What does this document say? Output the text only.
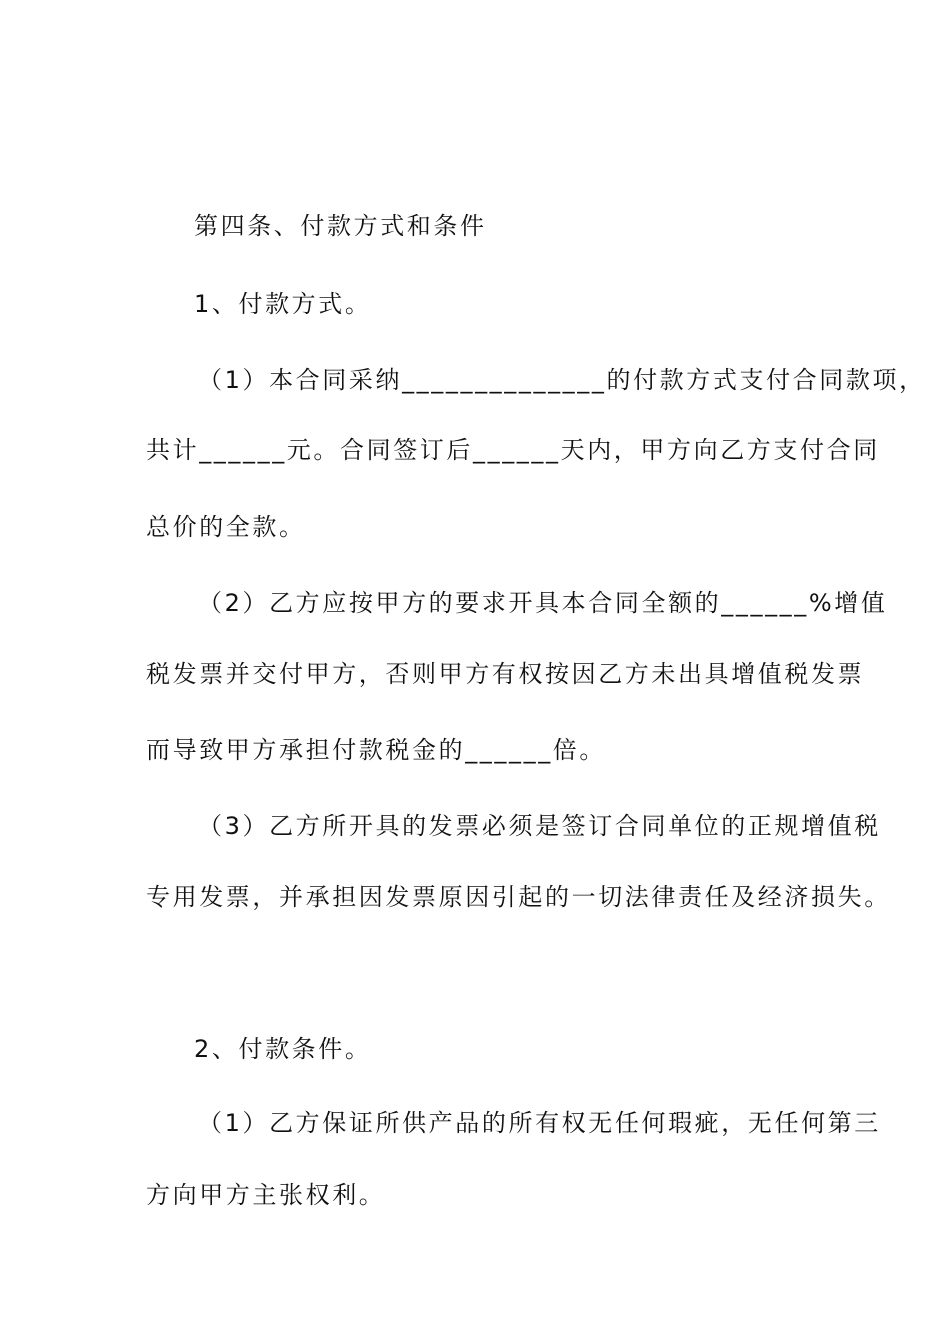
第四条、付款方式和条件
1、付款方式。
（1）本合同采纳______________的付款方式支付合同款项，
共计______元。合同签订后______天内，甲方向乙方支付合同
总价的全款。
（2）乙方应按甲方的要求开具本合同全额的______%增值
税发票并交付甲方，否则甲方有权按因乙方未出具增值税发票
而导致甲方承担付款税金的______倍。
（3）乙方所开具的发票必须是签订合同单位的正规增值税
专用发票，并承担因发票原因引起的一切法律责任及经济损失。
2、付款条件。
（1）乙方保证所供产品的所有权无任何瑕疵，无任何第三
方向甲方主张权利。
